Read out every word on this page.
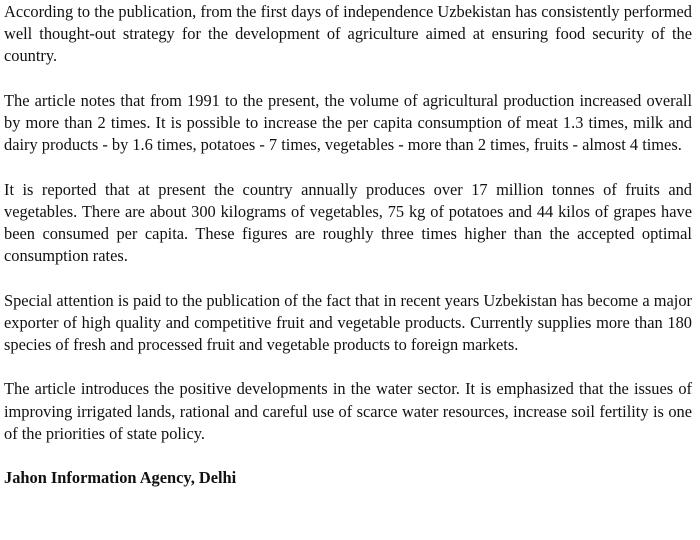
According to the publication, from the first days of independence Uzbekistan has consistently performed well thought-out strategy for the development of agriculture aimed at ensuring food security of the country.

The article notes that from 1991 to the present, the volume of agricultural production increased overall by more than 2 times. It is possible to increase the per capita consumption of meat 1.3 times, milk and dairy products - by 1.6 times, potatoes - 7 times, vegetables - more than 2 times, fruits - almost 4 times.

It is reported that at present the country annually produces over 17 million tonnes of fruits and vegetables. There are about 300 kilograms of vegetables, 75 kg of potatoes and 44 kilos of grapes have been consumed per capita. These figures are roughly three times higher than the accepted optimal consumption rates.

Special attention is paid to the publication of the fact that in recent years Uzbekistan has become a major exporter of high quality and competitive fruit and vegetable products. Currently supplies more than 180 species of fresh and processed fruit and vegetable products to foreign markets.

The article introduces the positive developments in the water sector. It is emphasized that the issues of improving irrigated lands, rational and careful use of scarce water resources, increase soil fertility is one of the priorities of state policy.

Jahon Information Agency, Delhi
